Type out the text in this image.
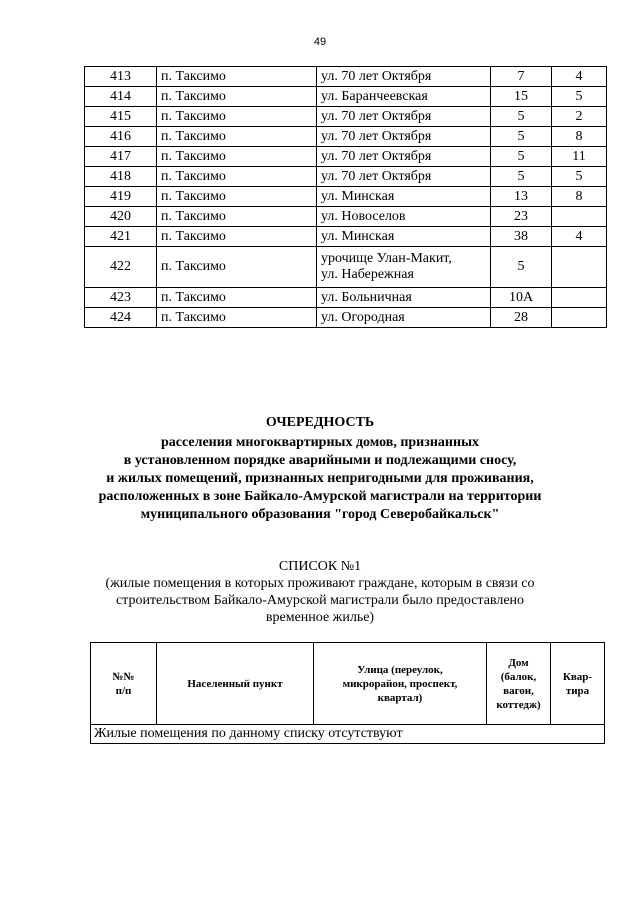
49
413	п. Таксимо	ул. 70 лет Октября	7	4
414	п. Таксимо	ул. Баранчеевская	15	5
415	п. Таксимо	ул. 70 лет Октября	5	2
416	п. Таксимо	ул. 70 лет Октября	5	8
417	п. Таксимо	ул. 70 лет Октября	5	11
418	п. Таксимо	ул. 70 лет Октября	5	5
419	п. Таксимо	ул. Минская	13	8
420	п. Таксимо	ул. Новоселов	23	
421	п. Таксимо	ул. Минская	38	4
422	п. Таксимо	урочище Улан-Макит,
ул. Набережная	5	
423	п. Таксимо	ул. Больничная	10А	
424	п. Таксимо	ул. Огородная	28	
ОЧЕРЕДНОСТЬ
расселения многоквартирных домов, признанных
в установленном порядке аварийными и подлежащими сносу,
и жилых помещений, признанных непригодными для проживания,
расположенных в зоне Байкало-Амурской магистрали на территории
муниципального образования "город Северобайкальск"
СПИСОК №1
(жилые помещения в которых проживают граждане, которым в связи со
строительством Байкало-Амурской магистрали было предоставлено
временное жилье)
№№
п/п	Населенный пункт	Улица (переулок,
микрорайон, проспект,
квартал)	Дом
(балок,
вагон,
коттедж)	Квар-
тира
Жилые помещения по данному списку отсутствуют
